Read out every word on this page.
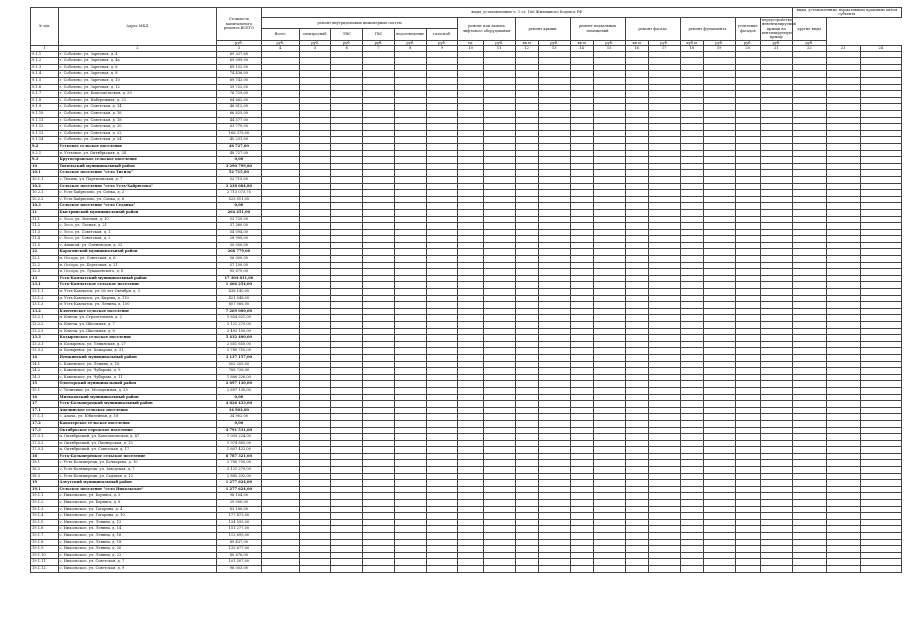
№ п/п	Адрес МКД	Стоимость капитального ремонта ВСЕГО	виды, установленные ч. 1 ст. 166 Жилищного Кодекса РФ																		виды, установленные нормативным правовым актом субъекта		
			ремонт внутридомовых инженерных систем						ремонт или замена лифтового оборудования		ремонт крыши		ремонт подвальных помещений		ремонт фасада		ремонт фундамента		утепление фасадов	переустройство невентилируемой крыши на вентилируемую крышу	другие виды		
			Всего	электроснаб.	ТВС	ГВС	водоотведение	газоснаб.															
		руб.	руб.	руб.	руб.	руб.	руб.	руб.	ед.	руб.	кв.м	руб.	кв.м	руб.	кв.м	руб.	куб.м	руб.	руб.	руб.	руб.		
1	2	3	4	5	6	7	8	9	10	11	12	13	14	15	16	17	18	19	20	21	22	23	24
9.1.1	г. Соболево, ул. Заречная, д. 4	69 327,60																					
9.1.2	г. Соболево, ул. Заречная, д. 4а	69 099,00																					
9.1.3	г. Соболево, ул. Заречная, д. 6	69 152,00																					
9.1.4	г. Соболево, ул. Заречная, д. 8	74 436,00																					
9.1.5	г. Соболево, ул. Заречная, д. 10	69 743,00																					
9.1.6	г. Соболево, ул. Заречная, д. 12	39 722,00																					
9.1.7	г. Соболево, ул. Комсомольская, д. 29	76 729,00																					
9.1.8	г. Соболево, ул. Набережная, д. 23	64 662,00																					
9.1.9	г. Соболево, ул. Советская, д. 14	46 812,00																					
9.1.10	г. Соболево, ул. Советская, д. 16	66 825,00																					
9.1.11	г. Соболево, ул. Советская, д. 18	44 577,00																					
9.1.12	г. Соболево, ул. Советская, д. 20	63 770,00																					
9.1.13	г. Соболево, ул. Советская, д. 22	166 375,00																					
9.1.14	г. Соболево, ул. Советская, д. 24	40 231,00																					
9.2	Устьевое сельское поселение	48 727,00																					
9.2.1	п. Устьевое, ул. Октябрьская, д. 34	48 727,00																					
9.3	Крутогоровское сельское поселение	0,00																					
10	Тигильский муниципальный район	3 290 799,80																					
10.1	Сельское поселение "село Тигиль"	52 715,00																					
10.1.1	с. Тигиль, ул. Партизанская, д. 7	52 715,00																					
10.2	Сельское поселение "село Усть-Хайрюзово"	3 238 084,80																					
10.2.1	с. Усть-Хайрюзово, ул. Сопка, д. 2	2 715 073,75																					
10.2.2	с. Усть-Хайрюзово, ул. Сопка, д. 6	523 011,05																					
10.3	Сельское поселение "село Седанка"	0,00																					
11	Быстринский муниципальный район	264 451,00																					
11.1	с. Эссо, ул. Зеленая, д. 10	53 729,00																					
11.2	с. Эссо, ул. Лесная, д. 21	37 360,00																					
11.3	с. Эссо, ул. Советская, д. 1	54 094,00																					
11.4	с. Эссо, ул. Советская, д. 2	28 900,00																					
11.5	с. Анавгай, ул. Оленеводов, д. 22	30 000,00																					
12	Карагинский муниципальный район	208 779,00																					
12.1	п. Оссора, ул. Советская, д. 6	56 000,00																					
12.2	п. Оссора, ул. Береговая, д. 21	57 100,00																					
12.3	п. Оссора, ул. Лукашевского, д. 8	95 679,00																					
13	Усть-Камчатский муниципальный район	17 304 811,00																					
13.1	Усть-Камчатское сельское поселение	1 466 254,00																					
13.1.1	п. Усть-Камчатск, ул. 60 лет Октября, д. 3	438 140,00																					
13.1.2	п. Усть-Камчатск, ул. Кирова, д. 110	421 048,00																					
13.1.3	п. Усть-Камчатск, ул. Ленина, д. 100	607 066,00																					
13.2	Ключевское сельское поселение	7 269 000,00																					
13.2.1	п. Ключи, ул. Строительная, д. 2	1 654 621,00																					
13.2.2	п. Ключи, ул. Школьная, д. 7	3 121 279,00																					
13.2.3	п. Ключи, ул. Школьная, д. 8	2 493 100,00																					
13.3	Козыревское сельское поселение	5 432 400,00																					
13.3.1	п. Козыревск, ул. Ленинская, д. 27	2 651 650,00																					
13.3.2	п. Козыревск, ул. Комарова, д. 31	2 780 750,00																					
14	Пенжинский муниципальный район	3 137 157,00																					
14.1	с. Каменское, ул. Ленина, д. 16	502 205,00																					
14.2	с. Каменское, ул. Чубарова, д. 9	768 726,00																					
14.3	с. Каменское, ул. Чубарова, д. 11	1 866 226,00																					
15	Олюторский муниципальный район	2 697 130,00																					
15.1	с. Тиличики, ул. Молодежная, д. 25	2 697 130,00																					
16	Мильковский муниципальный район	0,00																					
17	Усть-Большерецкий муниципальный район	4 826 433,00																					
17.1	Апачинское сельское поселение	34 902,00																					
17.1.1	с. Апача, ул. Юбилейная, д. 18	34 902,00																					
17.2	Кавалерское сельское поселение	0,00																					
17.3	Октябрьское городское поселение	4 791 531,00																					
17.3.1	п. Октябрьский, ул. Комсомольская, д. 47	1 009 224,00																					
17.3.2	п. Октябрьский, ул. Пионерская, д. 15	1 974 885,00																					
17.3.3	п. Октябрьский, ул. Советская, д. 17	1 807 422,00																					
18	Усть-Большерецкое сельское поселение	8 787 321,00																					
18.1	с. Усть-Большерецк, ул. Бочкарева, д. 10	2 780 750,00																					
18.2	с. Усть-Большерецк, ул. Заводская, д. 7	3 121 279,00																					
18.3	с. Усть-Большерецк, ул. Садовая, д. 12	2 885 292,00																					
19	Алеутский муниципальный район	1 277 624,00																					
19.1	Сельское поселение "село Никольское"	1 277 624,00																					
19.1.1	с. Никольское, ул. Беринга, д. 5	98 104,00																					
19.1.2	с. Никольское, ул. Беринга, д. 8	29 000,00																					
19.1.3	с. Никольское, ул. Гагарина, д. 4	83 180,00																					
19.1.4	с. Никольское, ул. Гагарина, д. 10	177 473,00																					
19.1.5	с. Никольское, ул. Ленина, д. 12	124 595,00																					
19.1.6	с. Никольское, ул. Ленина, д. 14	151 277,00																					
19.1.7	с. Никольское, ул. Ленина, д. 16	113 695,00																					
19.1.8	с. Никольское, ул. Ленина, д. 18	89 437,00																					
19.1.9	с. Никольское, ул. Ленина, д. 20	132 677,00																					
19.1.10	с. Никольское, ул. Ленина, д. 22	80 676,00																					
19.1.11	с. Никольское, ул. Советская, д. 7	101 507,00																					
19.1.12	с. Никольское, ул. Советская, д. 9	96 003,00																					
